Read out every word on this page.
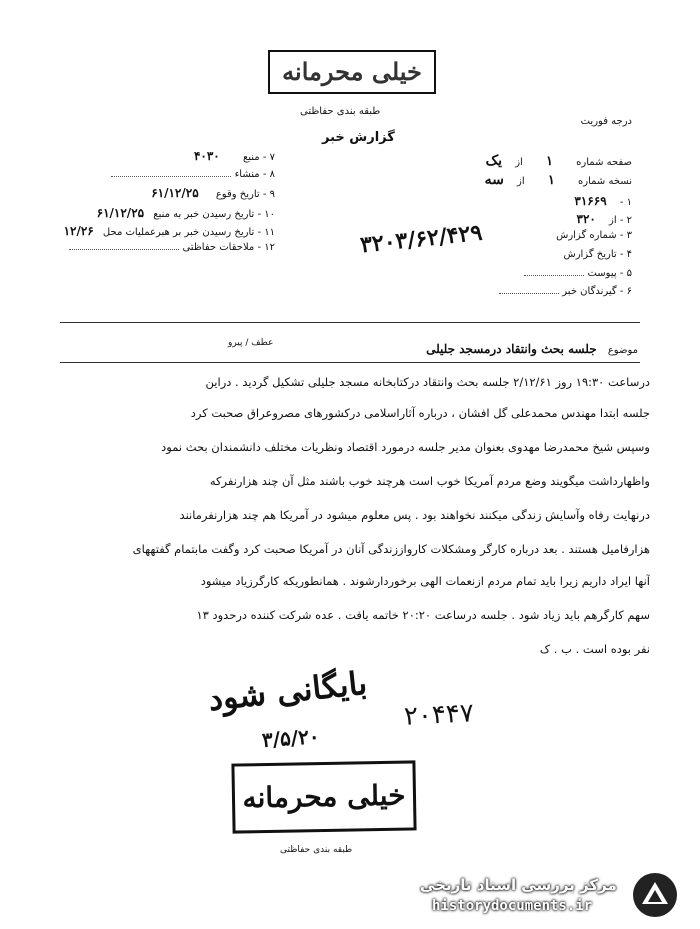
خیلی محرمانه
طبقه بندی حفاظتی
درجه فوریت
گزارش خبر
۷ - منبع ۴۰۳۰
۸ - منشاء
۹ - تاریخ وقوع ۶۱/۱۲/۲۵
۱۰ - تاریخ رسیدن خبر به منبع ۶۱/۱۲/۲۵
۱۱ - تاریخ رسیدن خبر بر هبرعملیات محل ۱۲/۲۶
۱۲ - ملاحقات حفاظتی
صفحه شماره ۱ از یک
نسخه شماره ۱ از سه
۱ - ۳۱۶۶۹
۲ - از ۳۲۰
۳ - شماره گزارش
۴ - تاریخ گزارش
۵ - پیوست
۶ - گیرندگان خبر
۳۲۰۳/۶۲/۴۲۹
عطف / پیرو
موضوع جلسه بحث وانتقاد درمسجد جلیلی
درساعت ۱۹:۳۰ روز ۲/۱۲/۶۱ جلسه بحث وانتقاد درکتابخانه مسجد جلیلی تشکیل گردید . دراین
جلسه ابتدا مهندس محمدعلی گل افشان ، درباره آثاراسلامی درکشورهای مصروعراق صحبت کرد
وسپس شیخ محمدرضا مهدوی بعنوان مدیر جلسه درمورد اقتصاد ونظریات مختلف دانشمندان بحث نمود
واظهارداشت میگویند وضع مردم آمریکا خوب است هرچند خوب باشند مثل آن چند هزارنفرکه
درنهایت رفاه وآسایش زندگی میکنند نخواهند بود . پس معلوم میشود در آمریکا هم چند هزارنفرمانند
هزارفامیل هستند . بعد درباره کارگر ومشکلات کارواززندگی آنان در آمریکا صحبت کرد وگفت مابتمام گفتههای
آنها ایراد داریم زیرا باید تمام مردم ازنعمات الهی برخوردارشوند . همانطوریکه کارگرزیاد میشود
سهم کارگرهم باید زیاد شود . جلسه درساعت ۲۰:۲۰ خاتمه یافت . عده شرکت کننده درحدود ۱۳
نفر بوده است . ب . ک
بایگانی شود
۳/۵/۲۰
۲۰۴۴۷
خیلی محرمانه
طبقه بندی حفاظتی
مرکز بررسی اسناد تاریخی
historydocuments.ir
